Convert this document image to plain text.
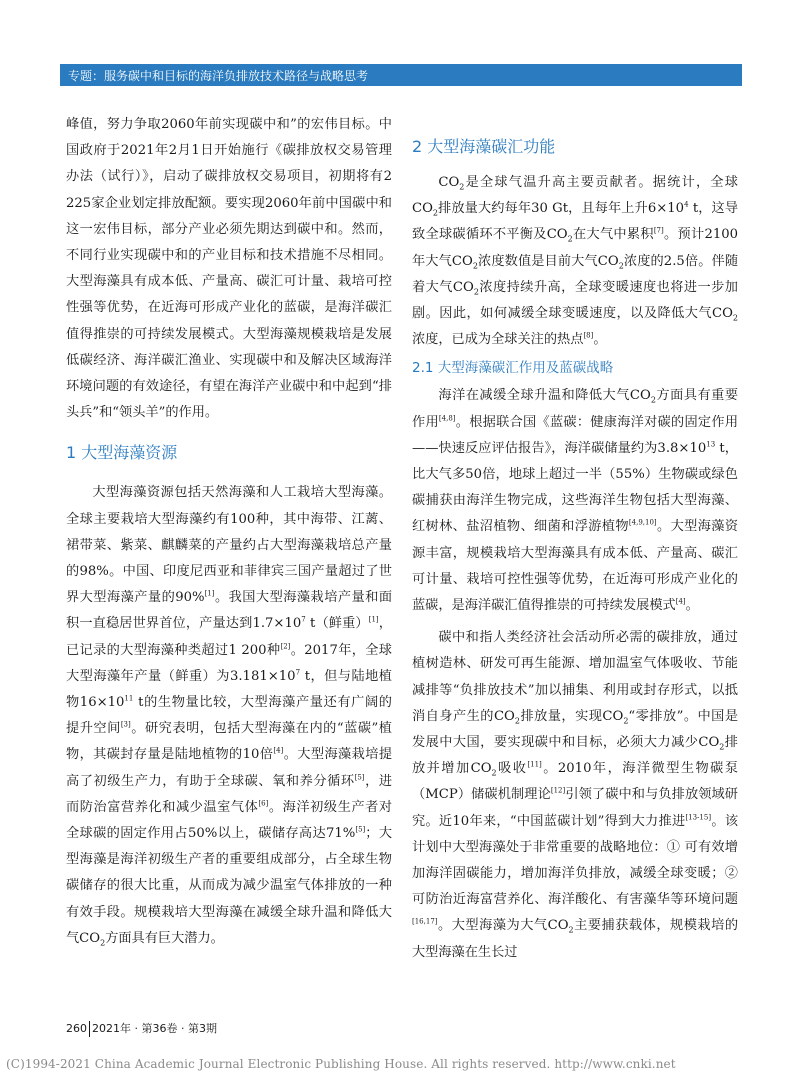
专题：服务碳中和目标的海洋负排放技术路径与战略思考

峰值，努力争取2060年前实现碳中和”的宏伟目标。中国政府于2021年2月1日开始施行《碳排放权交易管理办法（试行）》，启动了碳排放权交易项目，初期将有2 225家企业划定排放配额。要实现2060年前中国碳中和这一宏伟目标，部分产业必须先期达到碳中和。然而，不同行业实现碳中和的产业目标和技术措施不尽相同。大型海藻具有成本低、产量高、碳汇可计量、栽培可控性强等优势，在近海可形成产业化的蓝碳，是海洋碳汇值得推崇的可持续发展模式。大型海藻规模栽培是发展低碳经济、海洋碳汇渔业、实现碳中和及解决区域海洋环境问题的有效途径，有望在海洋产业碳中和中起到“排头兵”和“领头羊”的作用。

1 大型海藻资源

大型海藻资源包括天然海藻和人工栽培大型海藻。全球主要栽培大型海藻约有100种，其中海带、江蓠、裙带菜、紫菜、麒麟菜的产量约占大型海藻栽培总产量的98%。中国、印度尼西亚和菲律宾三国产量超过了世界大型海藻产量的90%[1]。我国大型海藻栽培产量和面积一直稳居世界首位，产量达到$1.7\times 10^7$ t（鲜重）[1]，已记录的大型海藻种类超过1 200种[2]。2017年，全球大型海藻年产量（鲜重）为$3.181\times 10^7$ t，但与陆地植物$16\times 10^{11}$ t的生物量比较，大型海藻产量还有广阔的提升空间[3]。研究表明，包括大型海藻在内的“蓝碳”植物，其碳封存量是陆地植物的10倍[4]。大型海藻栽培提高了初级生产力，有助于全球碳、氧和养分循环[5]，进而防治富营养化和减少温室气体[6]。海洋初级生产者对全球碳的固定作用占50%以上，碳储存高达71%[5]；大型海藻是海洋初级生产者的重要组成部分，占全球生物碳储存的很大比重，从而成为减少温室气体排放的一种有效手段。规模栽培大型海藻在减缓全球升温和降低大气$CO_2$方面具有巨大潜力。

2 大型海藻碳汇功能

$CO_2$是全球气温升高主要贡献者。据统计，全球$CO_2$排放量大约每年30 Gt，且每年上升$6\times 10^4$ t，这导致全球碳循环不平衡及$CO_2$在大气中累积[7]。预计2100年大气$CO_2$浓度数值是目前大气$CO_2$浓度的2.5倍。伴随着大气$CO_2$浓度持续升高，全球变暖速度也将进一步加剧。因此，如何减缓全球变暖速度，以及降低大气$CO_2$浓度，已成为全球关注的热点[8]。

2.1 大型海藻碳汇作用及蓝碳战略

海洋在减缓全球升温和降低大气$CO_2$方面具有重要作用[4,8]。根据联合国《蓝碳：健康海洋对碳的固定作用——快速反应评估报告》，海洋碳储量约为$3.8\times 10^{13}$ t，比大气多50倍，地球上超过一半（55%）生物碳或绿色碳捕获由海洋生物完成，这些海洋生物包括大型海藻、红树林、盐沼植物、细菌和浮游植物[4,9,10]。大型海藻资源丰富，规模栽培大型海藻具有成本低、产量高、碳汇可计量、栽培可控性强等优势，在近海可形成产业化的蓝碳，是海洋碳汇值得推崇的可持续发展模式[4]。

碳中和指人类经济社会活动所必需的碳排放，通过植树造林、研发可再生能源、增加温室气体吸收、节能减排等“负排放技术”加以捕集、利用或封存形式，以抵消自身产生的$CO_2$排放量，实现$CO_2“$零排放”。中国是发展中大国，要实现碳中和目标，必须大力减少$CO_2$排放并增加$CO_2$吸收[11]。2010年，海洋微型生物碳泵（MCP）储碳机制理论[12]引领了碳中和与负排放领域研究。近10年来，“中国蓝碳计划”得到大力推进[13-15]。该计划中大型海藻处于非常重要的战略地位：① 可有效增加海洋固碳能力，增加海洋负排放，减缓全球变暖；② 可防治近海富营养化、海洋酸化、有害藻华等环境问题[16,17]。大型海藻为大气$CO_2$主要捕获载体，规模栽培的大型海藻在生长过

260 2021年 · 第36卷 · 第3期
(C)1994-2021 China Academic Journal Electronic Publishing House. All rights reserved. http://www.cnki.net
